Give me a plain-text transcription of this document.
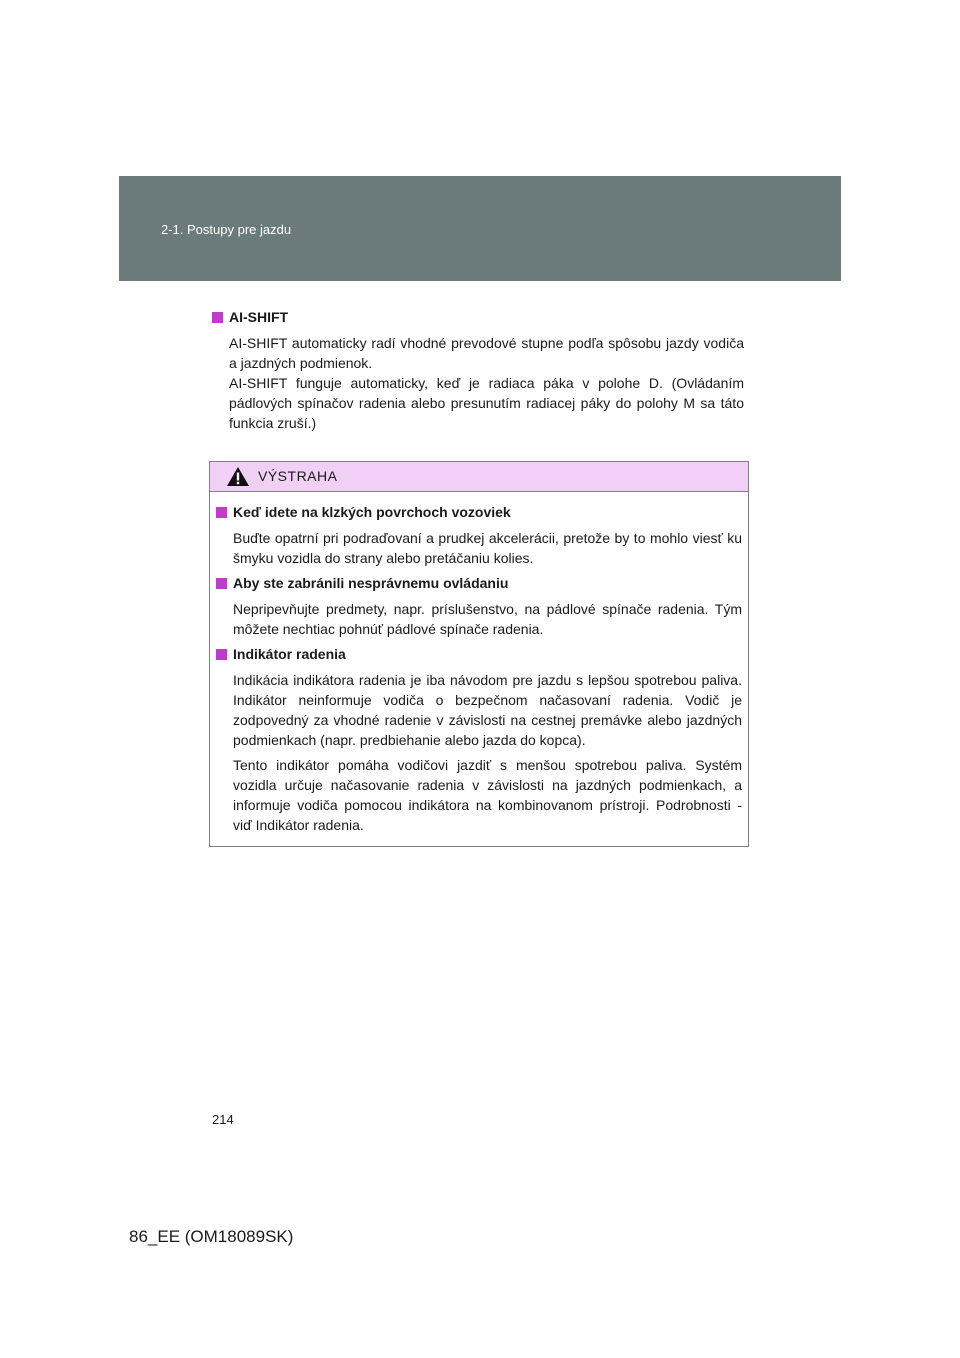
2-1. Postupy pre jazdu
AI-SHIFT

AI-SHIFT automaticky radí vhodné prevodové stupne podľa spôsobu jazdy vodiča a jazdných podmienok.

AI-SHIFT funguje automaticky, keď je radiaca páka v polohe D. (Ovládaním pádlových spínačov radenia alebo presunutím radiacej páky do polohy M sa táto funkcia zruší.)

VÝSTRAHA
Keď idete na klzkých povrchoch vozoviek

Buďte opatrní pri podraďovaní a prudkej akcelerácii, pretože by to mohlo viesť ku šmyku vozidla do strany alebo pretáčaniu kolies.

Aby ste zabránili nesprávnemu ovládaniu

Nepripevňujte predmety, napr. príslušenstvo, na pádlové spínače radenia. Tým môžete nechtiac pohnúť pádlové spínače radenia.

Indikátor radenia

Indikácia indikátora radenia je iba návodom pre jazdu s lepšou spotrebou paliva. Indikátor neinformuje vodiča o bezpečnom načasovaní radenia. Vodič je zodpovedný za vhodné radenie v závislosti na cestnej premávke alebo jazdných podmienkach (napr. predbiehanie alebo jazda do kopca).

Tento indikátor pomáha vodičovi jazdiť s menšou spotrebou paliva. Systém vozidla určuje načasovanie radenia v závislosti na jazdných podmienkach, a informuje vodiča pomocou indikátora na kombinovanom prístroji. Podrobnosti - viď Indikátor radenia.

214
86_EE (OM18089SK)
